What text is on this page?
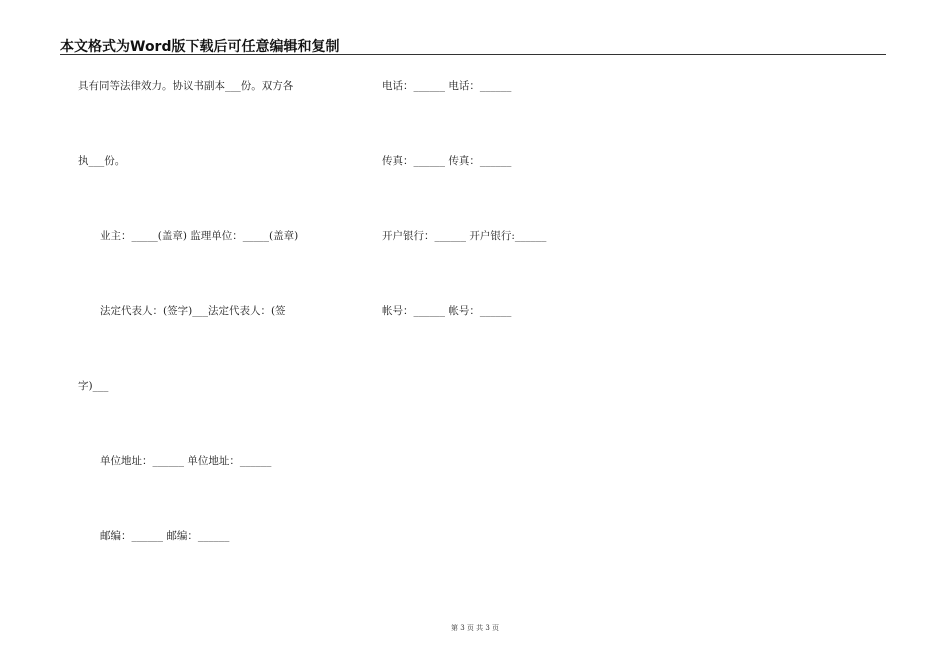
本文格式为Word版下载后可任意编辑和复制
具有同等法律效力。协议书副本___份。双方各
执___份。
业主：_____(盖章) 监理单位：_____(盖章)
法定代表人：(签字)___法定代表人：(签
字)___
单位地址：______ 单位地址：______
邮编：______ 邮编：______
电话：______ 电话：______
传真：______ 传真：______
开户银行：______ 开户银行:______
帐号：______ 帐号：______
第 3 页 共 3 页
